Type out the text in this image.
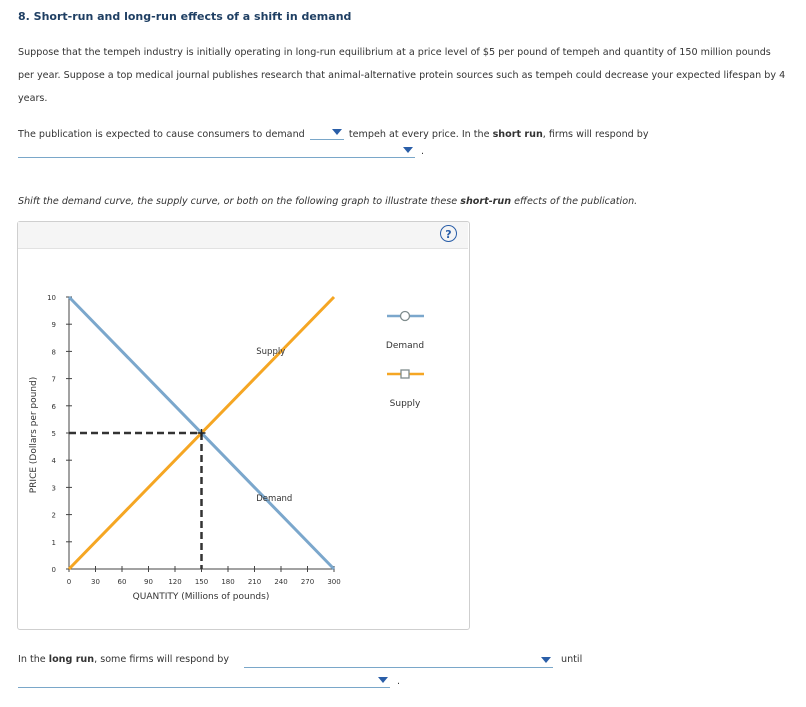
8. Short-run and long-run effects of a shift in demand
Suppose that the tempeh industry is initially operating in long-run equilibrium at a price level of $5 per pound of tempeh and quantity of 150 million pounds per year. Suppose a top medical journal publishes research that animal-alternative protein sources such as tempeh could decrease your expected lifespan by 4 years.
The publication is expected to cause consumers to demand	tempeh at every price. In the short run, firms will respond by
.
Shift the demand curve, the supply curve, or both on the following graph to illustrate these short-run effects of the publication.
?
0
1
2
3
4
5
6
7
8
9
10
0	30	60	90 120 150 180 210 240 270 300
Supply
Demand
PRICE (Dollars per pound)
QUANTITY (Millions of pounds)
Demand
Supply
In the long run, some firms will respond by	until
.
